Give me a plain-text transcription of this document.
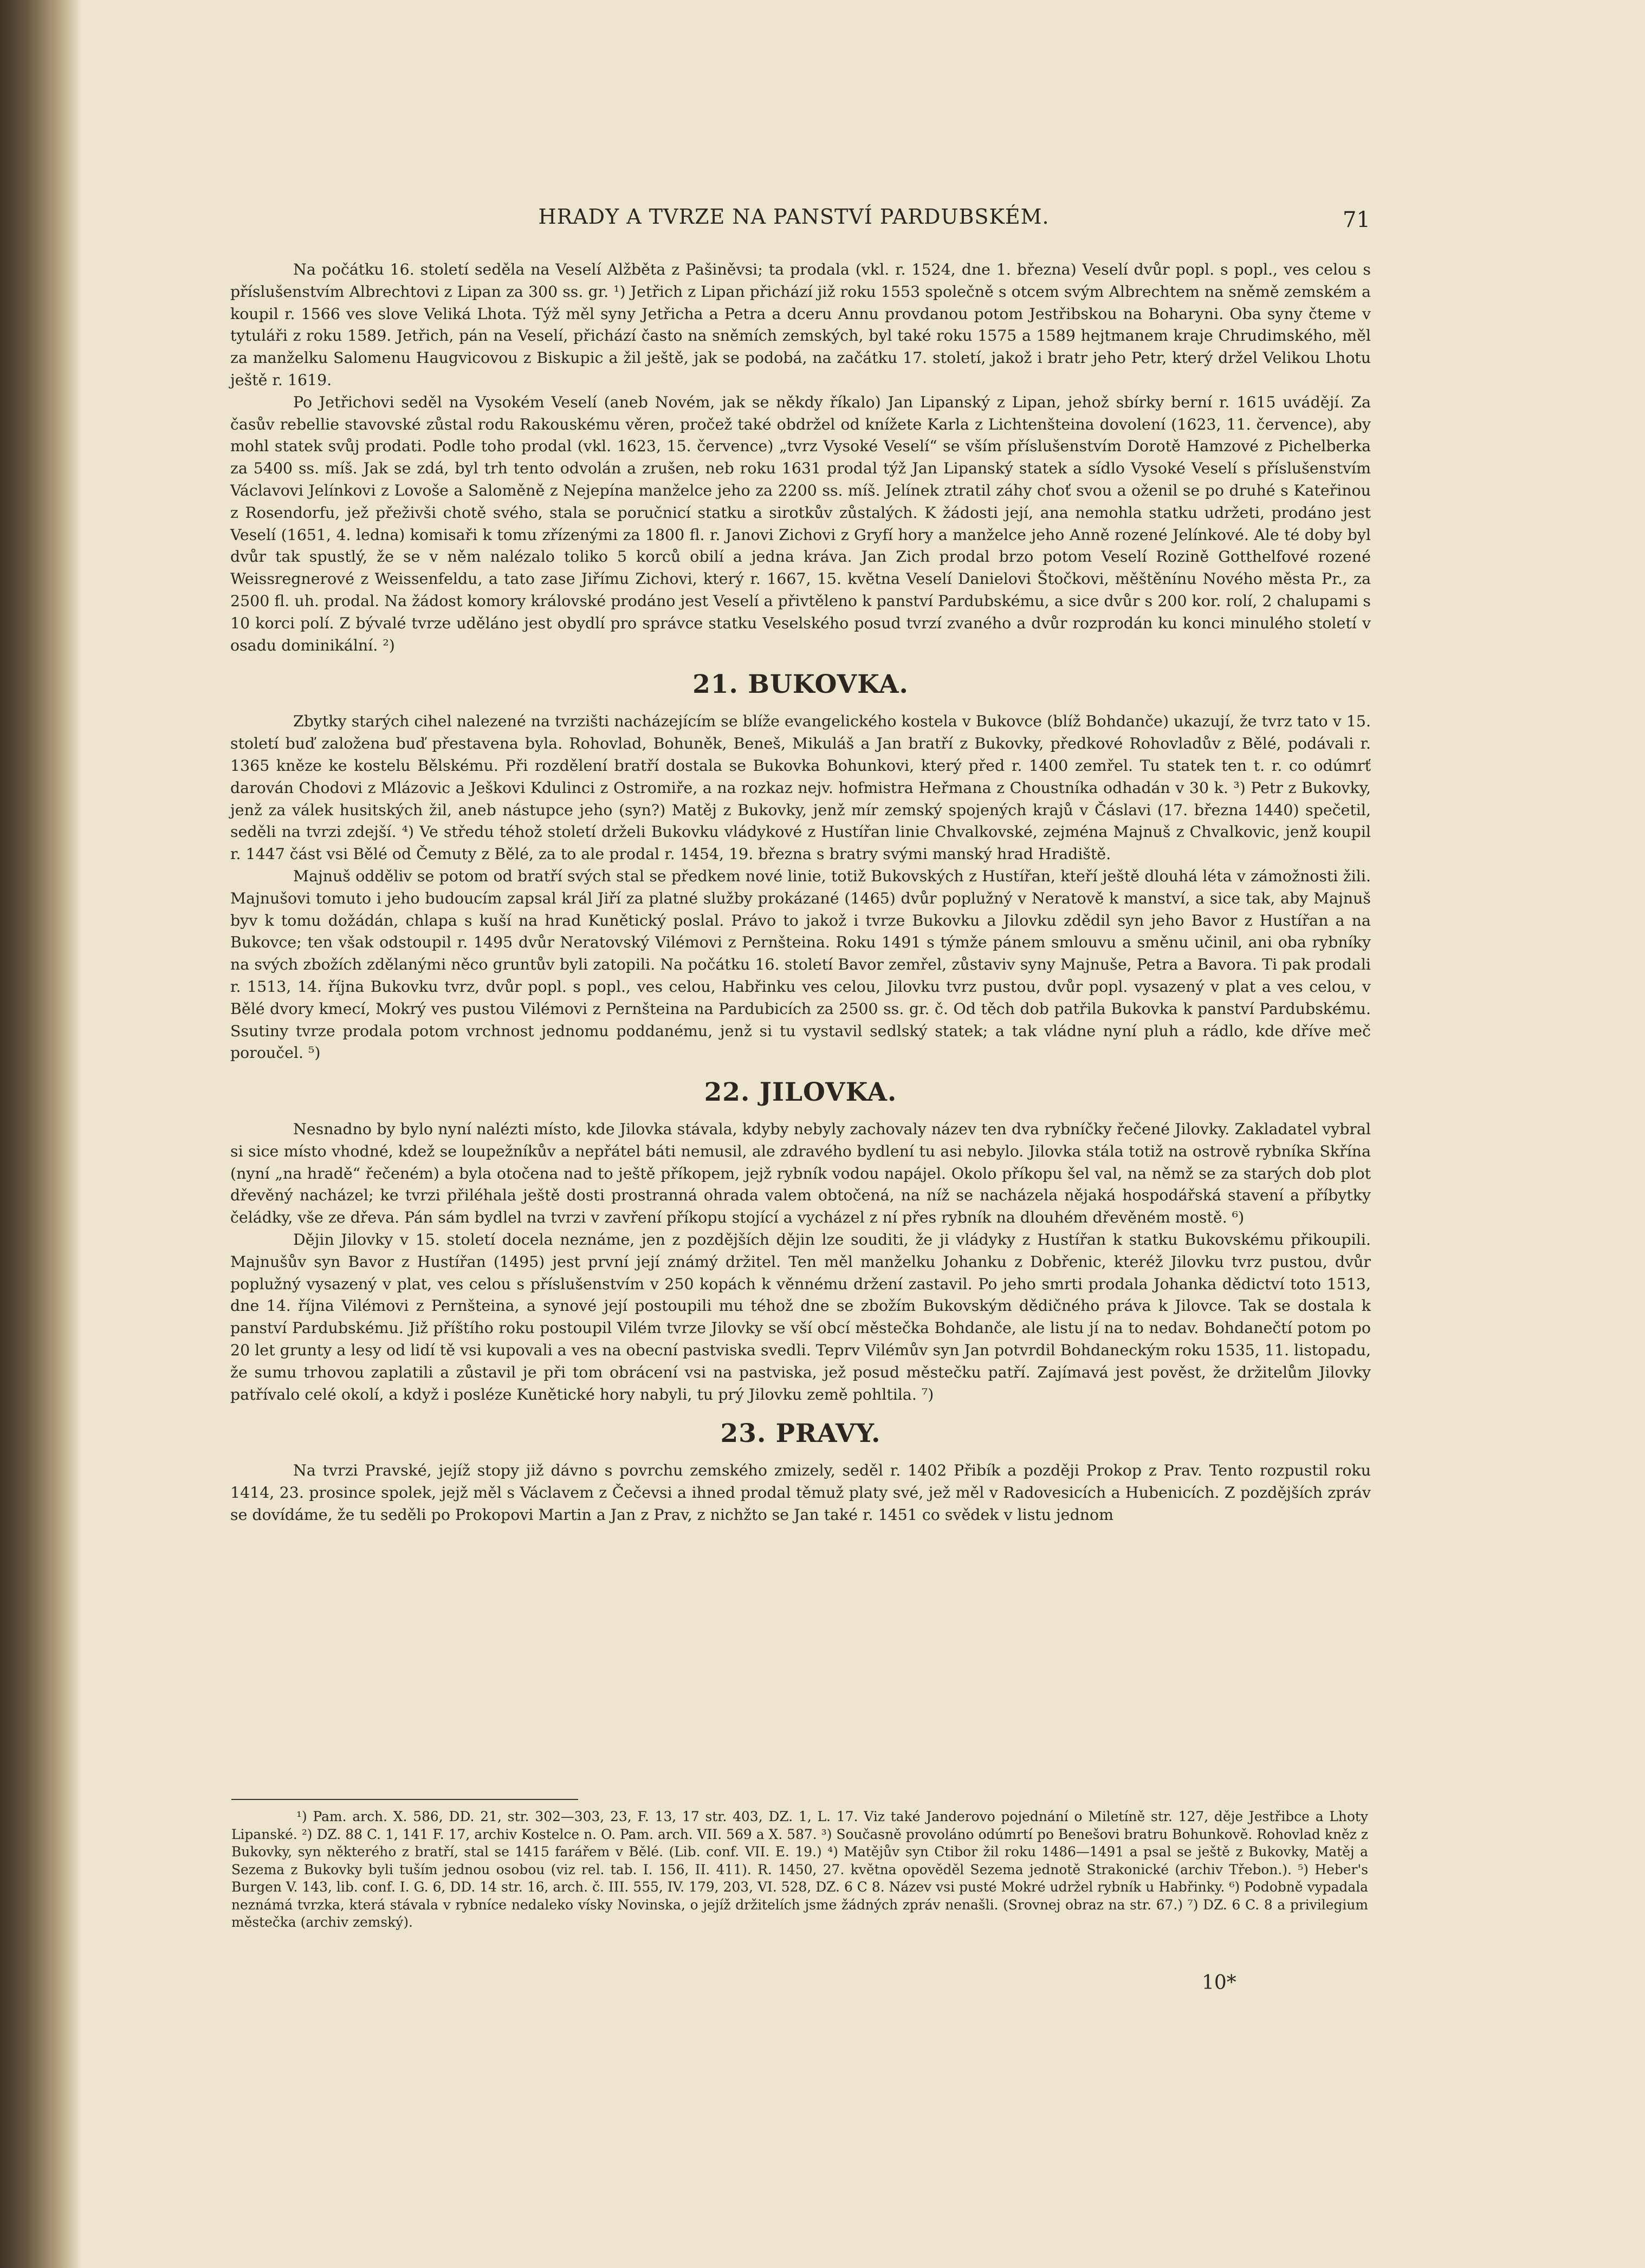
HRADY A TVRZE NA PANSTVÍ PARDUBSKÉM.	71

Na počátku 16. století seděla na Veselí Alžběta z Pašiněvsi; ta prodala (vkl. r. 1524, dne 1. března) Veselí dvůr popl. s popl., ves celou s příslušenstvím Albrechtovi z Lipan za 300 ss. gr. ¹) Jetřich z Lipan přichází již roku 1553 společně s otcem svým Albrechtem na sněmě zemském a koupil r. 1566 ves slove Veliká Lhota. Týž měl syny Jetřicha a Petra a dceru Annu provdanou potom Jestřibskou na Boharyni. Oba syny čteme v tytuláři z roku 1589. Jetřich, pán na Veselí, přichází často na sněmích zemských, byl také roku 1575 a 1589 hejtmanem kraje Chrudimského, měl za manželku Salomenu Haugvicovou z Biskupic a žil ještě, jak se podobá, na začátku 17. století, jakož i bratr jeho Petr, který držel Velikou Lhotu ještě r. 1619.

Po Jetřichovi seděl na Vysokém Veselí (aneb Novém, jak se někdy říkalo) Jan Lipanský z Lipan, jehož sbírky berní r. 1615 uvádějí. Za časův rebellie stavovské zůstal rodu Rakouskému věren, pročež také obdržel od knížete Karla z Lichtenšteina dovolení (1623, 11. července), aby mohl statek svůj prodati. Podle toho prodal (vkl. 1623, 15. července) „tvrz Vysoké Veselí“ se vším příslušenstvím Dorotě Hamzové z Pichelberka za 5400 ss. míš. Jak se zdá, byl trh tento odvolán a zrušen, neb roku 1631 prodal týž Jan Lipanský statek a sídlo Vysoké Veselí s příslušenstvím Václavovi Jelínkovi z Lovoše a Saloměně z Nejepína manželce jeho za 2200 ss. míš. Jelínek ztratil záhy choť svou a oženil se po druhé s Kateřinou z Rosendorfu, jež přeživši chotě svého, stala se poručnicí statku a sirotkův zůstalých. K žádosti její, ana nemohla statku udržeti, prodáno jest Veselí (1651, 4. ledna) komisaři k tomu zřízenými za 1800 fl. r. Janovi Zichovi z Gryfí hory a manželce jeho Anně rozené Jelínkové. Ale té doby byl dvůr tak spustlý, že se v něm nalézalo toliko 5 korců obilí a jedna kráva. Jan Zich prodal brzo potom Veselí Rozině Gotthelfové rozené Weissregnerové z Weissenfeldu, a tato zase Jiřímu Zichovi, který r. 1667, 15. května Veselí Danielovi Štočkovi, měštěnínu Nového města Pr., za 2500 fl. uh. prodal. Na žádost komory královské prodáno jest Veselí a přivtěleno k panství Pardubskému, a sice dvůr s 200 kor. rolí, 2 chalupami s 10 korci polí. Z bývalé tvrze uděláno jest obydlí pro správce statku Veselského posud tvrzí zvaného a dvůr rozprodán ku konci minulého století v osadu dominikální. ²)

21. BUKOVKA.

Zbytky starých cihel nalezené na tvrzišti nacházejícím se blíže evangelického kostela v Bukovce (blíž Bohdanče) ukazují, že tvrz tato v 15. století buď založena buď přestavena byla. Rohovlad, Bohuněk, Beneš, Mikuláš a Jan bratří z Bukovky, předkové Rohovladův z Bělé, podávali r. 1365 kněze ke kostelu Bělskému. Při rozdělení bratří dostala se Bukovka Bohunkovi, který před r. 1400 zemřel. Tu statek ten t. r. co odúmrť darován Chodovi z Mlázovic a Ješkovi Kdulinci z Ostromiře, a na rozkaz nejv. hofmistra Heřmana z Choustníka odhadán v 30 k. ³) Petr z Bukovky, jenž za válek husitských žil, aneb nástupce jeho (syn?) Matěj z Bukovky, jenž mír zemský spojených krajů v Čáslavi (17. března 1440) spečetil, seděli na tvrzi zdejší. ⁴) Ve středu téhož století drželi Bukovku vládykové z Hustířan linie Chvalkovské, zejména Majnuš z Chvalkovic, jenž koupil r. 1447 část vsi Bělé od Čemuty z Bělé, za to ale prodal r. 1454, 19. března s bratry svými manský hrad Hradiště.

Majnuš odděliv se potom od bratří svých stal se předkem nové linie, totiž Bukovských z Hustířan, kteří ještě dlouhá léta v zámožnosti žili. Majnušovi tomuto i jeho budoucím zapsal král Jiří za platné služby prokázané (1465) dvůr poplužný v Neratově k manství, a sice tak, aby Majnuš byv k tomu dožádán, chlapa s kuší na hrad Kunětický poslal. Právo to jakož i tvrze Bukovku a Jilovku zdědil syn jeho Bavor z Hustířan a na Bukovce; ten však odstoupil r. 1495 dvůr Neratovský Vilémovi z Pernšteina. Roku 1491 s týmže pánem smlouvu a směnu učinil, ani oba rybníky na svých zbožích zdělanými něco gruntův byli zatopili. Na počátku 16. století Bavor zemřel, zůstaviv syny Majnuše, Petra a Bavora. Ti pak prodali r. 1513, 14. října Bukovku tvrz, dvůr popl. s popl., ves celou, Habřinku ves celou, Jilovku tvrz pustou, dvůr popl. vysazený v plat a ves celou, v Bělé dvory kmecí, Mokrý ves pustou Vilémovi z Pernšteina na Pardubicích za 2500 ss. gr. č. Od těch dob patřila Bukovka k panství Pardubskému. Ssutiny tvrze prodala potom vrchnost jednomu poddanému, jenž si tu vystavil sedlský statek; a tak vládne nyní pluh a rádlo, kde dříve meč poroučel. ⁵)

22. JILOVKA.

Nesnadno by bylo nyní nalézti místo, kde Jilovka stávala, kdyby nebyly zachovaly název ten dva rybníčky řečené Jilovky. Zakladatel vybral si sice místo vhodné, kdež se loupežníkův a nepřátel báti nemusil, ale zdravého bydlení tu asi nebylo. Jilovka stála totiž na ostrově rybníka Skřína (nyní „na hradě“ řečeném) a byla otočena nad to ještě příkopem, jejž rybník vodou napájel. Okolo příkopu šel val, na němž se za starých dob plot dřevěný nacházel; ke tvrzi přiléhala ještě dosti prostranná ohrada valem obtočená, na níž se nacházela nějaká hospodářská stavení a příbytky čeládky, vše ze dřeva. Pán sám bydlel na tvrzi v zavření příkopu stojící a vycházel z ní přes rybník na dlouhém dřevěném mostě. ⁶)

Dějin Jilovky v 15. století docela neznáme, jen z pozdějších dějin lze souditi, že ji vládyky z Hustířan k statku Bukovskému přikoupili. Majnušův syn Bavor z Hustířan (1495) jest první její známý držitel. Ten měl manželku Johanku z Dobřenic, kteréž Jilovku tvrz pustou, dvůr poplužný vysazený v plat, ves celou s příslušenstvím v 250 kopách k věnnému držení zastavil. Po jeho smrti prodala Johanka dědictví toto 1513, dne 14. října Vilémovi z Pernšteina, a synové její postoupili mu téhož dne se zbožím Bukovským dědičného práva k Jilovce. Tak se dostala k panství Pardubskému. Již příštího roku postoupil Vilém tvrze Jilovky se vší obcí městečka Bohdanče, ale listu jí na to nedav. Bohdanečtí potom po 20 let grunty a lesy od lidí tě vsi kupovali a ves na obecní pastviska svedli. Teprv Vilémův syn Jan potvrdil Bohdaneckým roku 1535, 11. listopadu, že sumu trhovou zaplatili a zůstavil je při tom obrácení vsi na pastviska, jež posud městečku patří. Zajímavá jest pověst, že držitelům Jilovky patřívalo celé okolí, a když i posléze Kunětické hory nabyli, tu prý Jilovku země pohltila. ⁷)

23. PRAVY.

Na tvrzi Pravské, jejíž stopy již dávno s povrchu zemského zmizely, seděl r. 1402 Přibík a později Prokop z Prav. Tento rozpustil roku 1414, 23. prosince spolek, jejž měl s Václavem z Čečevsi a ihned prodal těmuž platy své, jež měl v Radovesicích a Hubenicích. Z pozdějších zpráv se dovídáme, že tu seděli po Prokopovi Martin a Jan z Prav, z nichžto se Jan také r. 1451 co svědek v listu jednom

¹) Pam. arch. X. 586, DD. 21, str. 302—303, 23, F. 13, 17 str. 403, DZ. 1, L. 17. Viz také Janderovo pojednání o Miletíně str. 127, děje Jestřibce a Lhoty Lipanské. ²) DZ. 88 C. 1, 141 F. 17, archiv Kostelce n. O. Pam. arch. VII. 569 a X. 587. ³) Současně provoláno odúmrtí po Benešovi bratru Bohunkově. Rohovlad kněz z Bukovky, syn některého z bratří, stal se 1415 farářem v Bělé. (Lib. conf. VII. E. 19.) ⁴) Matějův syn Ctibor žil roku 1486—1491 a psal se ještě z Bukovky, Matěj a Sezema z Bukovky byli tuším jednou osobou (viz rel. tab. I. 156, II. 411). R. 1450, 27. května opověděl Sezema jednotě Strakonické (archiv Třebon.). ⁵) Heber's Burgen V. 143, lib. conf. I. G. 6, DD. 14 str. 16, arch. č. III. 555, IV. 179, 203, VI. 528, DZ. 6 C 8. Název vsi pusté Mokré udržel rybník u Habřinky. ⁶) Podobně vypadala neznámá tvrzka, která stávala v rybníce nedaleko vísky Novinska, o jejíž držitelích jsme žádných zpráv nenašli. (Srovnej obraz na str. 67.) ⁷) DZ. 6 C. 8 a privilegium městečka (archiv zemský).

10*
